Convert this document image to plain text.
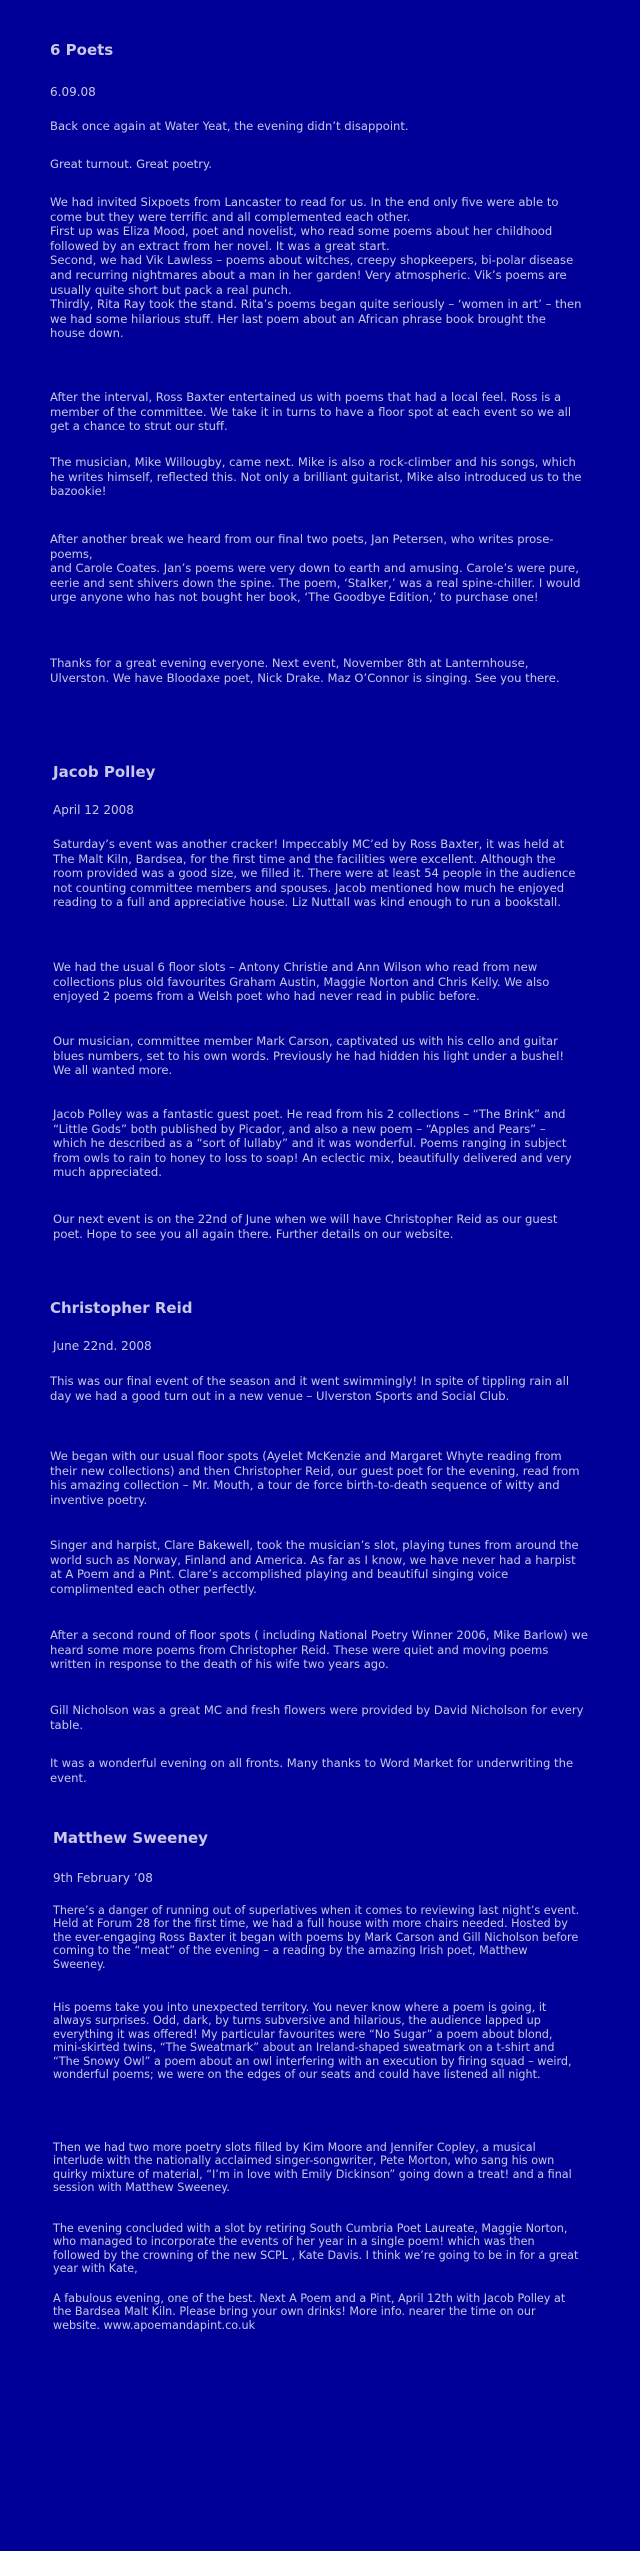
6 Poets

6.09.08

Back once again at Water Yeat, the evening didn’t disappoint.

Great turnout. Great poetry.

We had invited Sixpoets from Lancaster to read for us. In the end only five were able to come but they were terrific and all complemented each other.
First up was Eliza Mood, poet and novelist, who read some poems about her childhood followed by an extract from her novel. It was a great start.
Second, we had Vik Lawless – poems about witches, creepy shopkeepers, bi-polar disease and recurring nightmares about a man in her garden! Very atmospheric. Vik’s poems are usually quite short but pack a real punch.
Thirdly, Rita Ray took the stand. Rita’s poems began quite seriously – ‘women in art’ – then we had some hilarious stuff. Her last poem about an African phrase book brought the house down.

After the interval, Ross Baxter entertained us with poems that had a local feel. Ross is a member of the committee. We take it in turns to have a floor spot at each event so we all get a chance to strut our stuff.

The musician, Mike Willougby, came next. Mike is also a rock-climber and his songs, which he writes himself, reflected this. Not only a brilliant guitarist, Mike also introduced us to the bazookie!

After another break we heard from our final two poets, Jan Petersen, who writes prose-poems,
and Carole Coates. Jan’s poems were very down to earth and amusing. Carole’s were pure, eerie and sent shivers down the spine. The poem, ‘Stalker,’ was a real spine-chiller. I would urge anyone who has not bought her book, ‘The Goodbye Edition,’ to purchase one!

Thanks for a great evening everyone. Next event, November 8th at Lanternhouse, Ulverston. We have Bloodaxe poet, Nick Drake. Maz O’Connor is singing. See you there.

Jacob Polley

April 12 2008

Saturday’s event was another cracker! Impeccably MC’ed by Ross Baxter, it was held at The Malt Kiln, Bardsea, for the first time and the facilities were excellent. Although the room provided was a good size, we filled it. There were at least 54 people in the audience not counting committee members and spouses. Jacob mentioned how much he enjoyed reading to a full and appreciative house. Liz Nuttall was kind enough to run a bookstall.

We had the usual 6 floor slots – Antony Christie and Ann Wilson who read from new collections plus old favourites Graham Austin, Maggie Norton and Chris Kelly. We also enjoyed 2 poems from a Welsh poet who had never read in public before.

Our musician, committee member Mark Carson, captivated us with his cello and guitar blues numbers, set to his own words. Previously he had hidden his light under a bushel! We all wanted more.

Jacob Polley was a fantastic guest poet. He read from his 2 collections – “The Brink” and “Little Gods” both published by Picador, and also a new poem – “Apples and Pears” – which he described as a “sort of lullaby” and it was wonderful. Poems ranging in subject from owls to rain to honey to loss to soap! An eclectic mix, beautifully delivered and very much appreciated.

Our next event is on the 22nd of June when we will have Christopher Reid as our guest poet. Hope to see you all again there. Further details on our website.

Christopher Reid

June 22nd. 2008

This was our final event of the season and it went swimmingly! In spite of tippling rain all day we had a good turn out in a new venue – Ulverston Sports and Social Club.

We began with our usual floor spots (Ayelet McKenzie and Margaret Whyte reading from their new collections) and then Christopher Reid, our guest poet for the evening, read from his amazing collection – Mr. Mouth, a tour de force birth-to-death sequence of witty and inventive poetry.

Singer and harpist, Clare Bakewell, took the musician’s slot, playing tunes from around the world such as Norway, Finland and America. As far as I know, we have never had a harpist at A Poem and a Pint. Clare’s accomplished playing and beautiful singing voice complimented each other perfectly.

After a second round of floor spots ( including National Poetry Winner 2006, Mike Barlow) we heard some more poems from Christopher Reid. These were quiet and moving poems written in response to the death of his wife two years ago.

Gill Nicholson was a great MC and fresh flowers were provided by David Nicholson for every table.

It was a wonderful evening on all fronts. Many thanks to Word Market for underwriting the event.

Matthew Sweeney

9th February ’08

There’s a danger of running out of superlatives when it comes to reviewing last night’s event. Held at Forum 28 for the first time, we had a full house with more chairs needed. Hosted by the ever-engaging Ross Baxter it began with poems by Mark Carson and Gill Nicholson before coming to the “meat” of the evening – a reading by the amazing Irish poet, Matthew Sweeney.

His poems take you into unexpected territory. You never know where a poem is going, it always surprises. Odd, dark, by turns subversive and hilarious, the audience lapped up everything it was offered! My particular favourites were “No Sugar” a poem about blond, mini-skirted twins, “The Sweatmark” about an Ireland-shaped sweatmark on a t-shirt and “The Snowy Owl” a poem about an owl interfering with an execution by firing squad – weird, wonderful poems; we were on the edges of our seats and could have listened all night.

Then we had two more poetry slots filled by Kim Moore and Jennifer Copley, a musical interlude with the nationally acclaimed singer-songwriter, Pete Morton, who sang his own quirky mixture of material, “I’m in love with Emily Dickinson” going down a treat! and a final session with Matthew Sweeney.

The evening concluded with a slot by retiring South Cumbria Poet Laureate, Maggie Norton, who managed to incorporate the events of her year in a single poem! which was then followed by the crowning of the new SCPL , Kate Davis. I think we’re going to be in for a great year with Kate,

A fabulous evening, one of the best. Next A Poem and a Pint, April 12th with Jacob Polley at the Bardsea Malt Kiln. Please bring your own drinks! More info. nearer the time on our website. www.apoemandapint.co.uk
